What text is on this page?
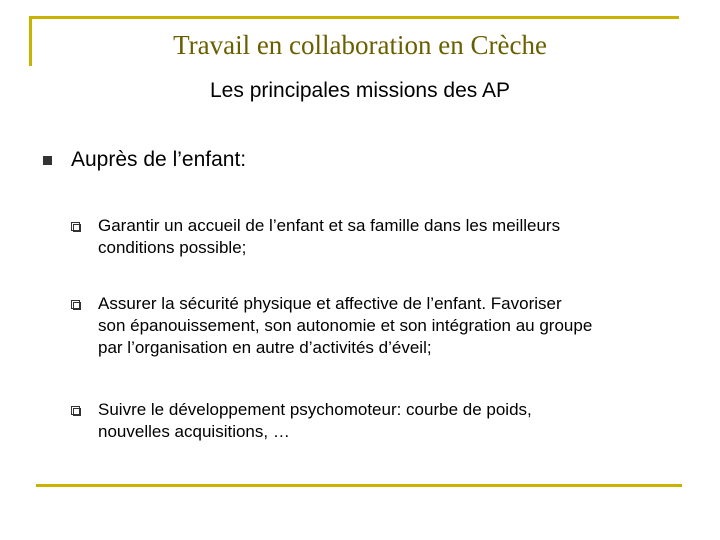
Travail en collaboration en Crèche
Les principales missions des AP
Auprès de l’enfant:
Garantir un accueil de l’enfant et sa famille dans les meilleurs
conditions possible;
Assurer la sécurité physique et affective de l’enfant. Favoriser
son épanouissement, son autonomie et son intégration au groupe
par l’organisation en autre d’activités d’éveil;
Suivre le développement psychomoteur: courbe de poids,
nouvelles acquisitions, …
